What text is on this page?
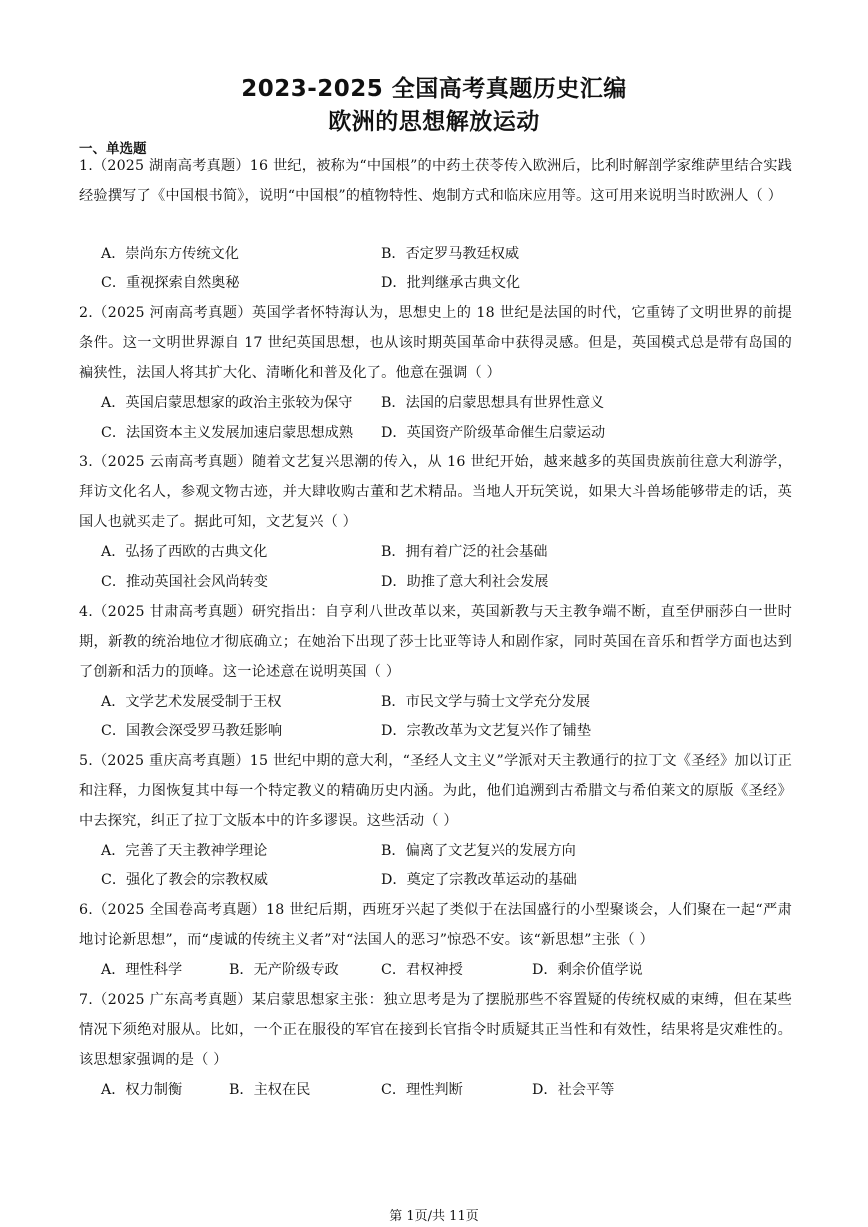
2023-2025 全国高考真题历史汇编
欧洲的思想解放运动
一、单选题
1.（2025 湖南高考真题）16 世纪，被称为“中国根”的中药土茯苓传入欧洲后，比利时解剖学家维萨里结合实践经验撰写了《中国根书简》，说明“中国根”的植物特性、炮制方式和临床应用等。这可用来说明当时欧洲人（ ）
A．崇尚东方传统文化	B．否定罗马教廷权威
C．重视探索自然奥秘	D．批判继承古典文化
2.（2025 河南高考真题）英国学者怀特海认为，思想史上的 18 世纪是法国的时代，它重铸了文明世界的前提条件。这一文明世界源自 17 世纪英国思想，也从该时期英国革命中获得灵感。但是，英国模式总是带有岛国的褊狭性，法国人将其扩大化、清晰化和普及化了。他意在强调（ ）
A．英国启蒙思想家的政治主张较为保守 B．法国的启蒙思想具有世界性意义
C．法国资本主义发展加速启蒙思想成熟 D．英国资产阶级革命催生启蒙运动
3.（2025 云南高考真题）随着文艺复兴思潮的传入，从 16 世纪开始，越来越多的英国贵族前往意大利游学，拜访文化名人，参观文物古迹，并大肆收购古董和艺术精品。当地人开玩笑说，如果大斗兽场能够带走的话，英国人也就买走了。据此可知，文艺复兴（ ）
A．弘扬了西欧的古典文化	B．拥有着广泛的社会基础
C．推动英国社会风尚转变	D．助推了意大利社会发展
4.（2025 甘肃高考真题）研究指出：自亨利八世改革以来，英国新教与天主教争端不断，直至伊丽莎白一世时期，新教的统治地位才彻底确立；在她治下出现了莎士比亚等诗人和剧作家，同时英国在音乐和哲学方面也达到了创新和活力的顶峰。这一论述意在说明英国（ ）
A．文学艺术发展受制于王权	B．市民文学与骑士文学充分发展
C．国教会深受罗马教廷影响	D．宗教改革为文艺复兴作了铺垫
5.（2025 重庆高考真题）15 世纪中期的意大利，“圣经人文主义”学派对天主教通行的拉丁文《圣经》加以订正和注释，力图恢复其中每一个特定教义的精确历史内涵。为此，他们追溯到古希腊文与希伯莱文的原版《圣经》中去探究，纠正了拉丁文版本中的许多谬误。这些活动（ ）
A．完善了天主教神学理论	B．偏离了文艺复兴的发展方向
C．强化了教会的宗教权威	D．奠定了宗教改革运动的基础
6.（2025 全国卷高考真题）18 世纪后期，西班牙兴起了类似于在法国盛行的小型聚谈会，人们聚在一起“严肃地讨论新思想”，而“虔诚的传统主义者”对“法国人的恶习”惊恐不安。该“新思想”主张（ ）
A．理性科学	B．无产阶级专政	C．君权神授	D．剩余价值学说
7.（2025 广东高考真题）某启蒙思想家主张：独立思考是为了摆脱那些不容置疑的传统权威的束缚，但在某些情况下须绝对服从。比如，一个正在服役的军官在接到长官指令时质疑其正当性和有效性，结果将是灾难性的。该思想家强调的是（ ）
A．权力制衡	B．主权在民	C．理性判断	D．社会平等
第 1页/共 11页
